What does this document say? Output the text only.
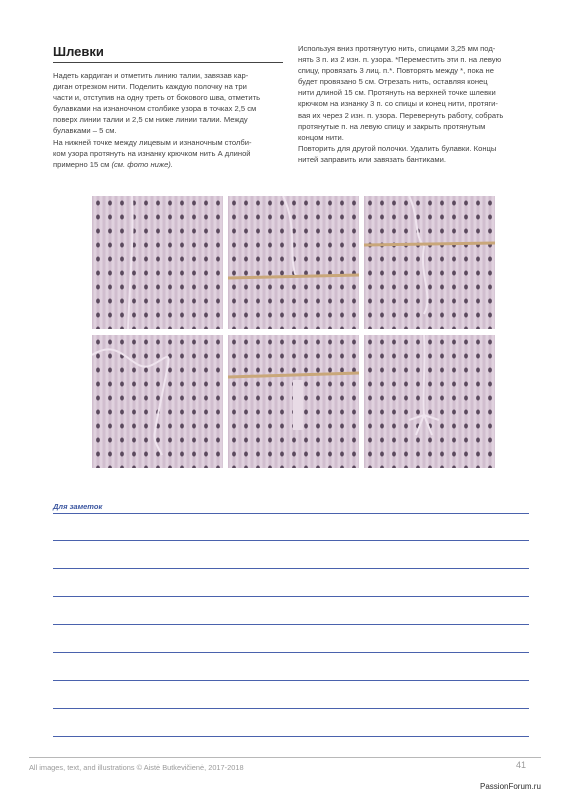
Шлевки

Надеть кардиган и отметить линию талии, завязав кар-

диган отрезком нити. Поделить каждую полочку на три

части и, отступив на одну треть от бокового шва, отметить

булавками на изнаночном столбике узора в точках 2,5 см

поверх линии талии и 2,5 см ниже линии талии. Между

булавками – 5 см.

На нижней точке между лицевым и изнаночным столби-

ком узора протянуть на изнанку крючком нить А длиной

примерно 15 см (см. фото ниже).

Используя вниз протянутую нить, спицами 3,25 мм под-

нять 3 п. из 2 изн. п. узора. *Переместить эти п. на левую

спицу, провязать 3 лиц. п.*. Повторять между *, пока не

будет провязано 5 см. Отрезать нить, оставляя конец

нити длиной 15 см. Протянуть на верхней точке шлевки

крючком на изнанку 3 п. со спицы и конец нити, протяги-

вая их через 2 изн. п. узора. Перевернуть работу, собрать

протянутые п. на левую спицу и закрыть протянутым

концом нити.

Повторить для другой полочки. Удалить булавки. Концы

нитей заправить или завязать бантиками.

Для заметок
All images, text, and illustrations © Aistė Butkevičienė, 2017-2018	41
PassionForum.ru
